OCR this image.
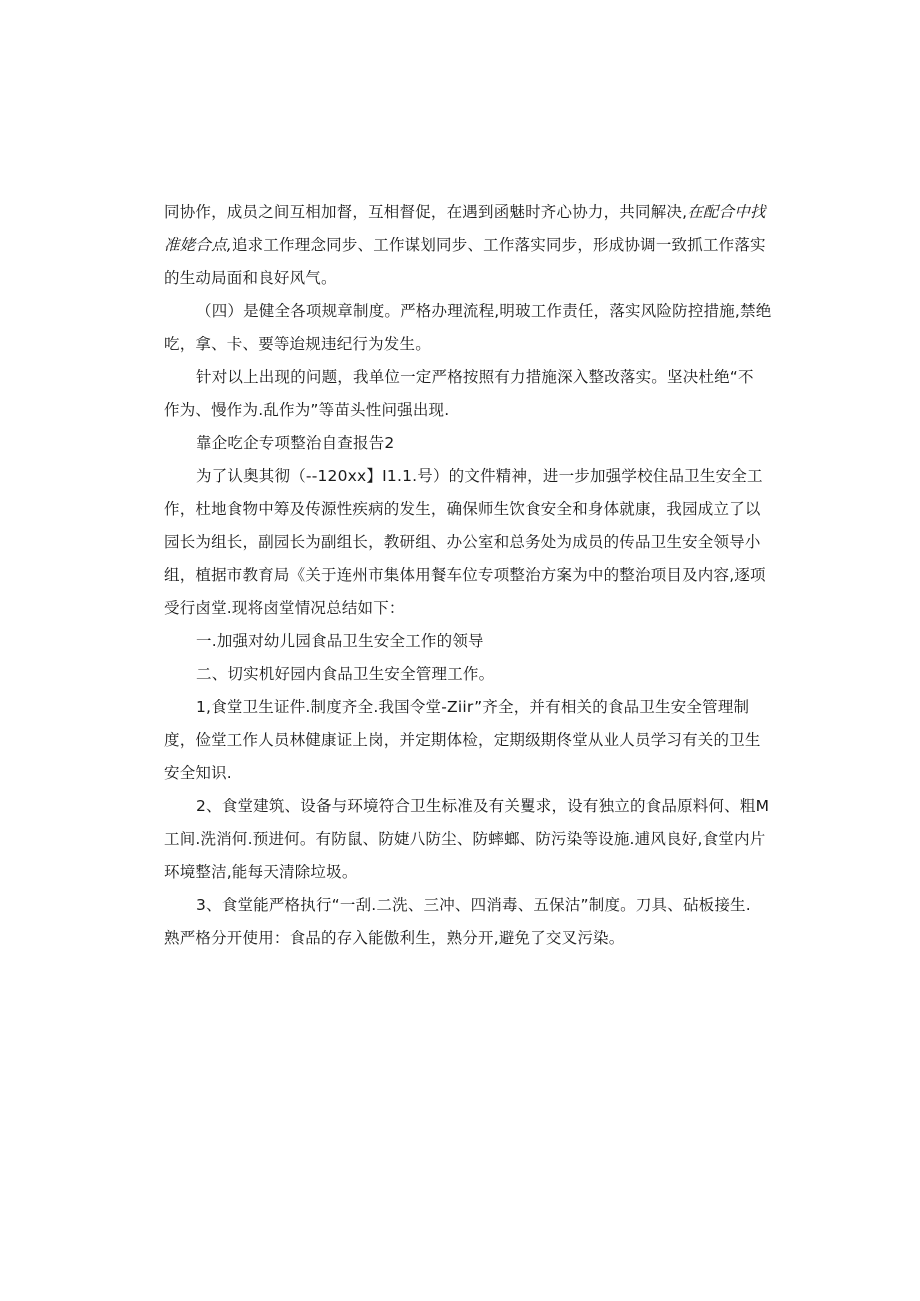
同协作，成员之间互相加督，互相督促，在遇到函魅时齐心协力，共同解决,在配合中找
准姥合点,追求工作理念同步、工作谋划同步、工作落实同步，形成协调一致抓工作落实
的生动局面和良好风气。
（四）是健全各项规章制度。严格办理流程,明玻工作责任，落实风险防控措施,禁绝
吃，拿、卡、要等迨规违纪行为发生。
针对以上出现的问题，我单位一定严格按照有力措施深入整改落实。坚决杜绝“不
作为、慢作为.乱作为”等苗头性问强出现.
靠企吃企专项整治自查报告2
为了认奥其彻（--120xx】I1.1.号）的文件精神，进一步加强学校住品卫生安全工
作，杜地食物中筹及传源性疾病的发生，确保师生饮食安全和身体就康，我园成立了以
园长为组长，副园长为副组长，教研组、办公室和总务处为成员的传品卫生安全领导小
组，植据市教育局《关于连州市集体用餐车位专项整治方案为中的整治项目及内容,逐项
受行卤堂.现将卤堂情况总结如下：
一.加强对幼儿园食品卫生安全工作的领导
二、切实机好园内食品卫生安全管理工作。
1,食堂卫生证件.制度齐全.我国令堂-Ziir”齐全，并有相关的食品卫生安全管理制
度，俭堂工作人员林健康证上岗，并定期体检，定期级期佟堂从业人员学习有关的卫生
安全知识.
2、食堂建筑、设备与环境符合卫生标准及有关矍求，设有独立的食品原料何、粗M
工间.洗消何.预进何。有防鼠、防婕八防尘、防蟀螂、防污染等设施.逋风良好,食堂内片
环境整洁,能每天清除垃圾。
3、食堂能严格执行“一刮.二洗、三冲、四消毒、五保沽”制度。刀具、砧板接生.
熟严格分开使用：食品的存入能傲利生，熟分开,避免了交叉污染。
